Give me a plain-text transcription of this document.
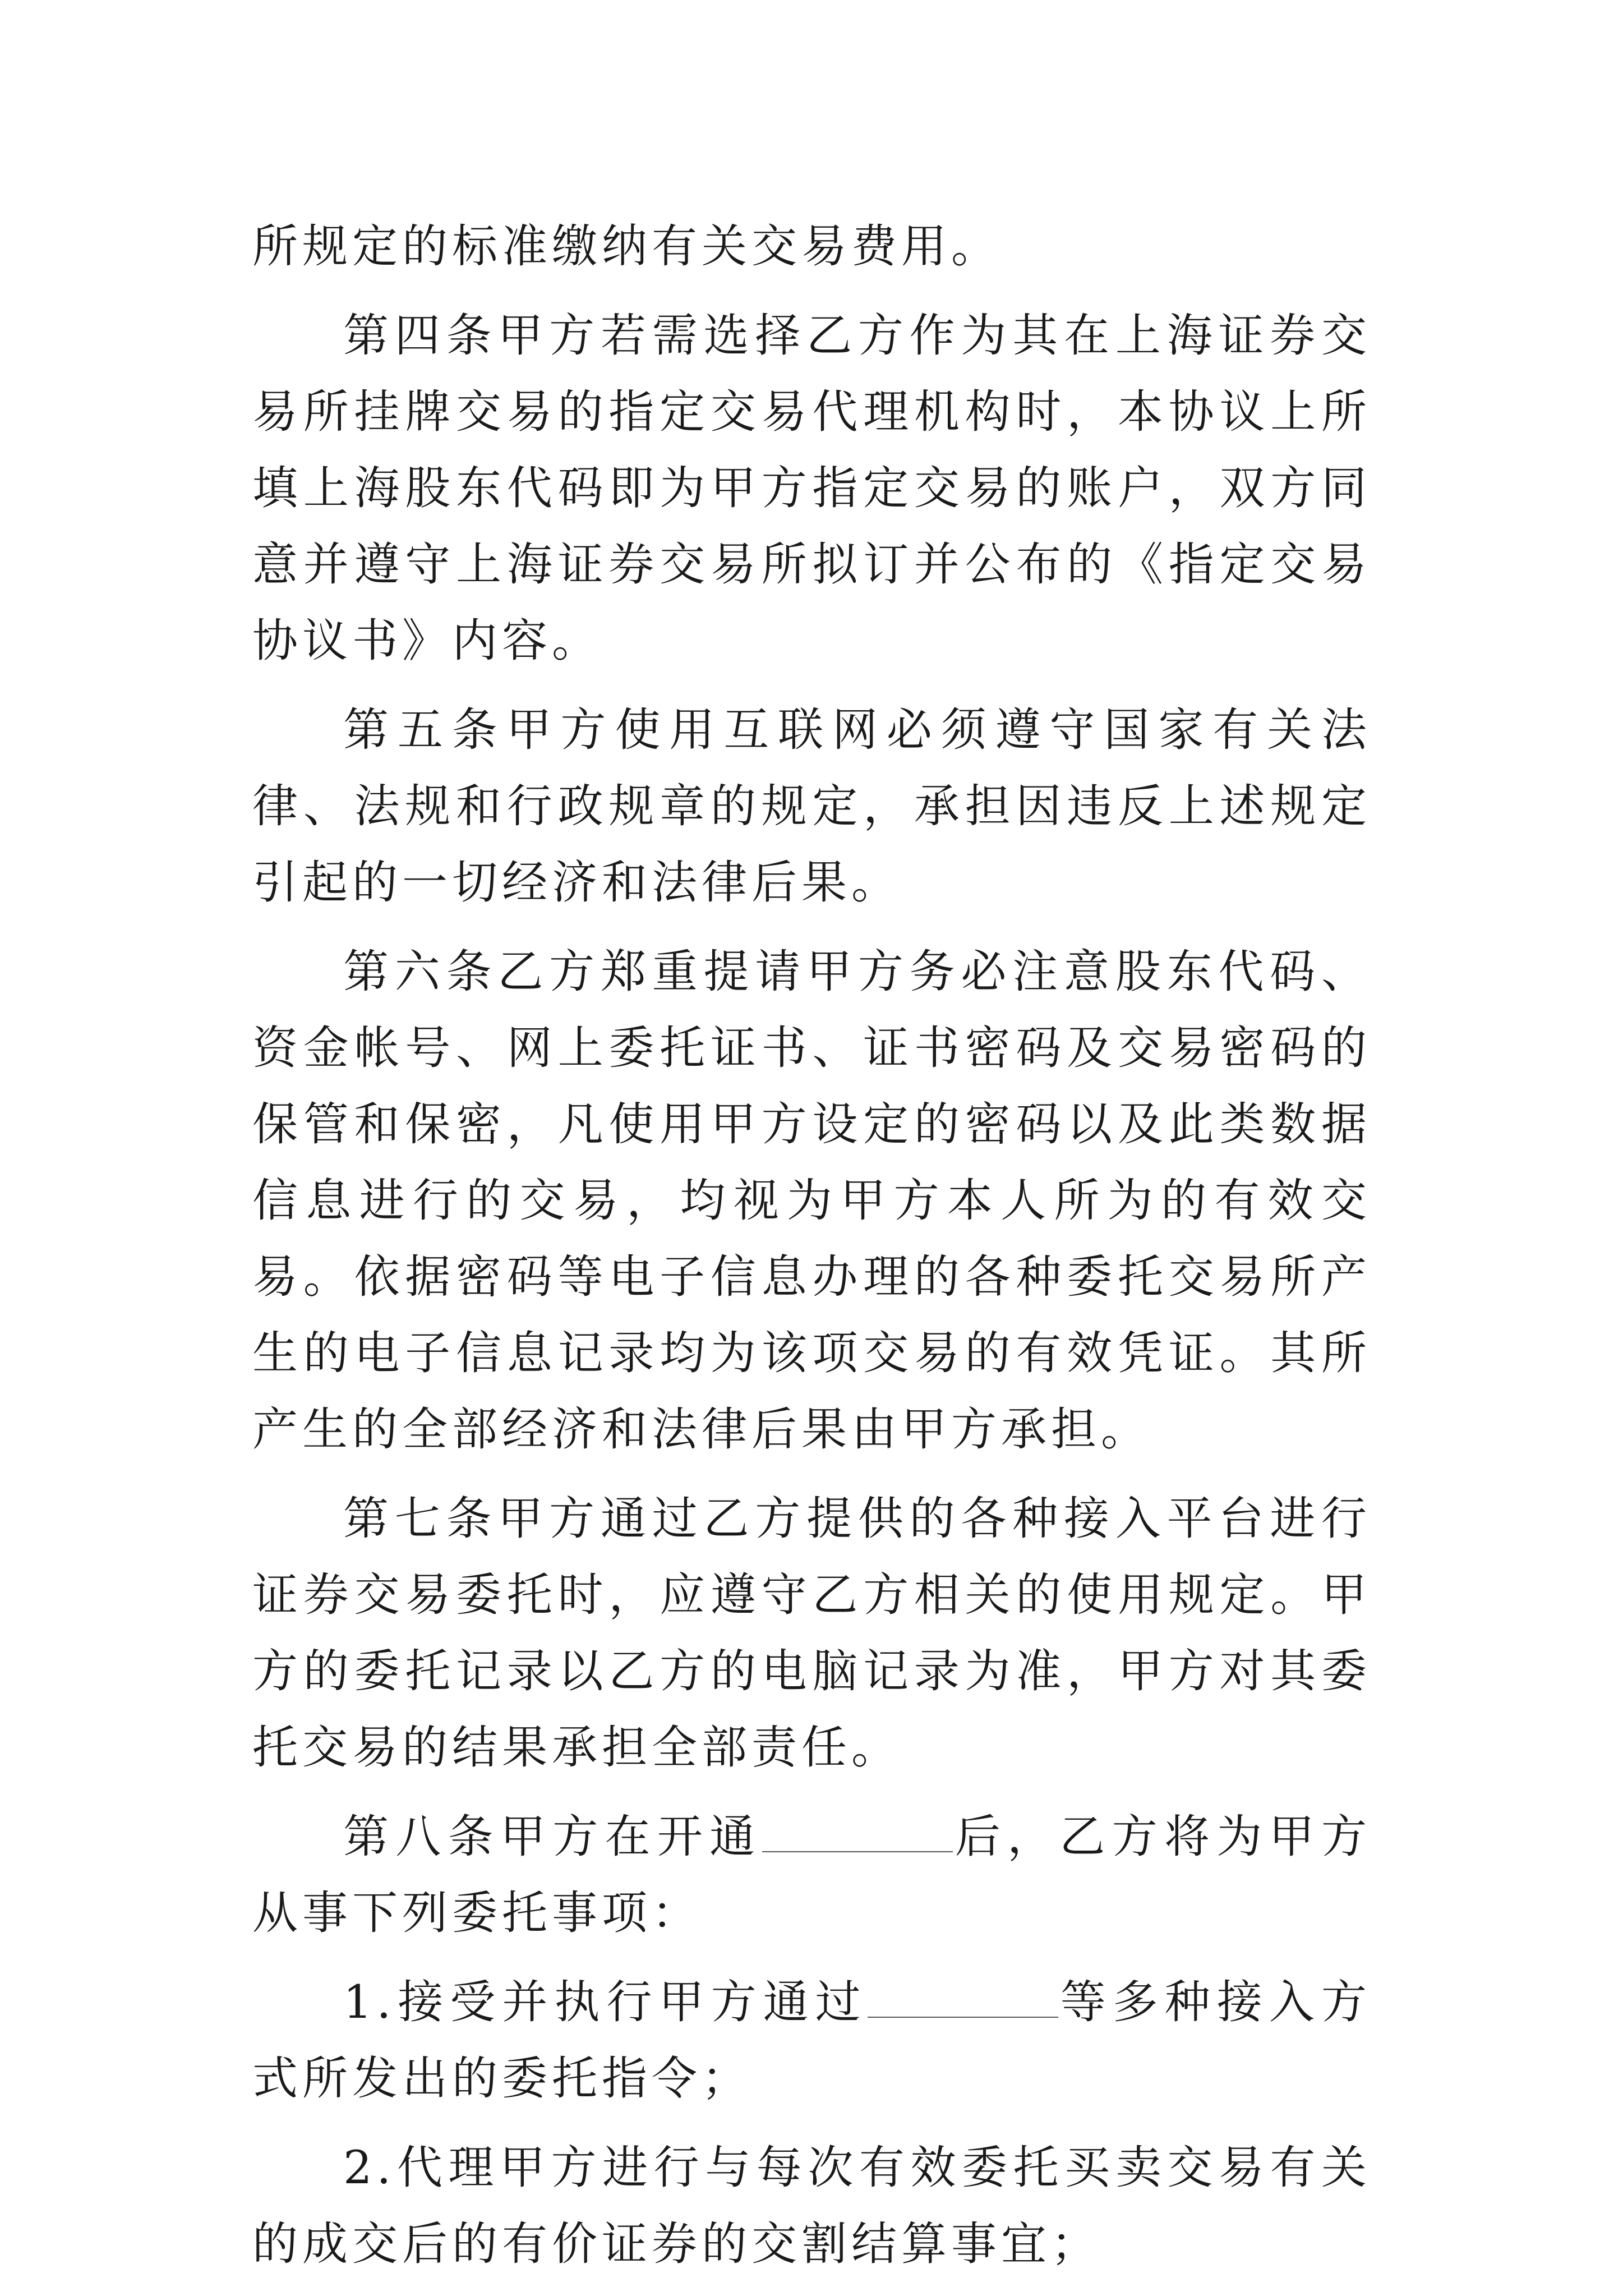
所规定的标准缴纳有关交易费用。

第四条甲方若需选择乙方作为其在上海证券交易所挂牌交易的指定交易代理机构时，本协议上所填上海股东代码即为甲方指定交易的账户，双方同意并遵守上海证券交易所拟订并公布的《指定交易协议书》内容。

第五条甲方使用互联网必须遵守国家有关法律、法规和行政规章的规定，承担因违反上述规定引起的一切经济和法律后果。

第六条乙方郑重提请甲方务必注意股东代码、资金帐号、网上委托证书、证书密码及交易密码的保管和保密，凡使用甲方设定的密码以及此类数据信息进行的交易，均视为甲方本人所为的有效交易。依据密码等电子信息办理的各种委托交易所产生的电子信息记录均为该项交易的有效凭证。其所产生的全部经济和法律后果由甲方承担。

第七条甲方通过乙方提供的各种接入平台进行证券交易委托时，应遵守乙方相关的使用规定。甲方的委托记录以乙方的电脑记录为准，甲方对其委托交易的结果承担全部责任。

第八条甲方在开通	后，乙方将为甲方从事下列委托事项：

1.接受并执行甲方通过	等多种接入方式所发出的委托指令；

2.代理甲方进行与每次有效委托买卖交易有关的成交后的有价证券的交割结算事宜；
